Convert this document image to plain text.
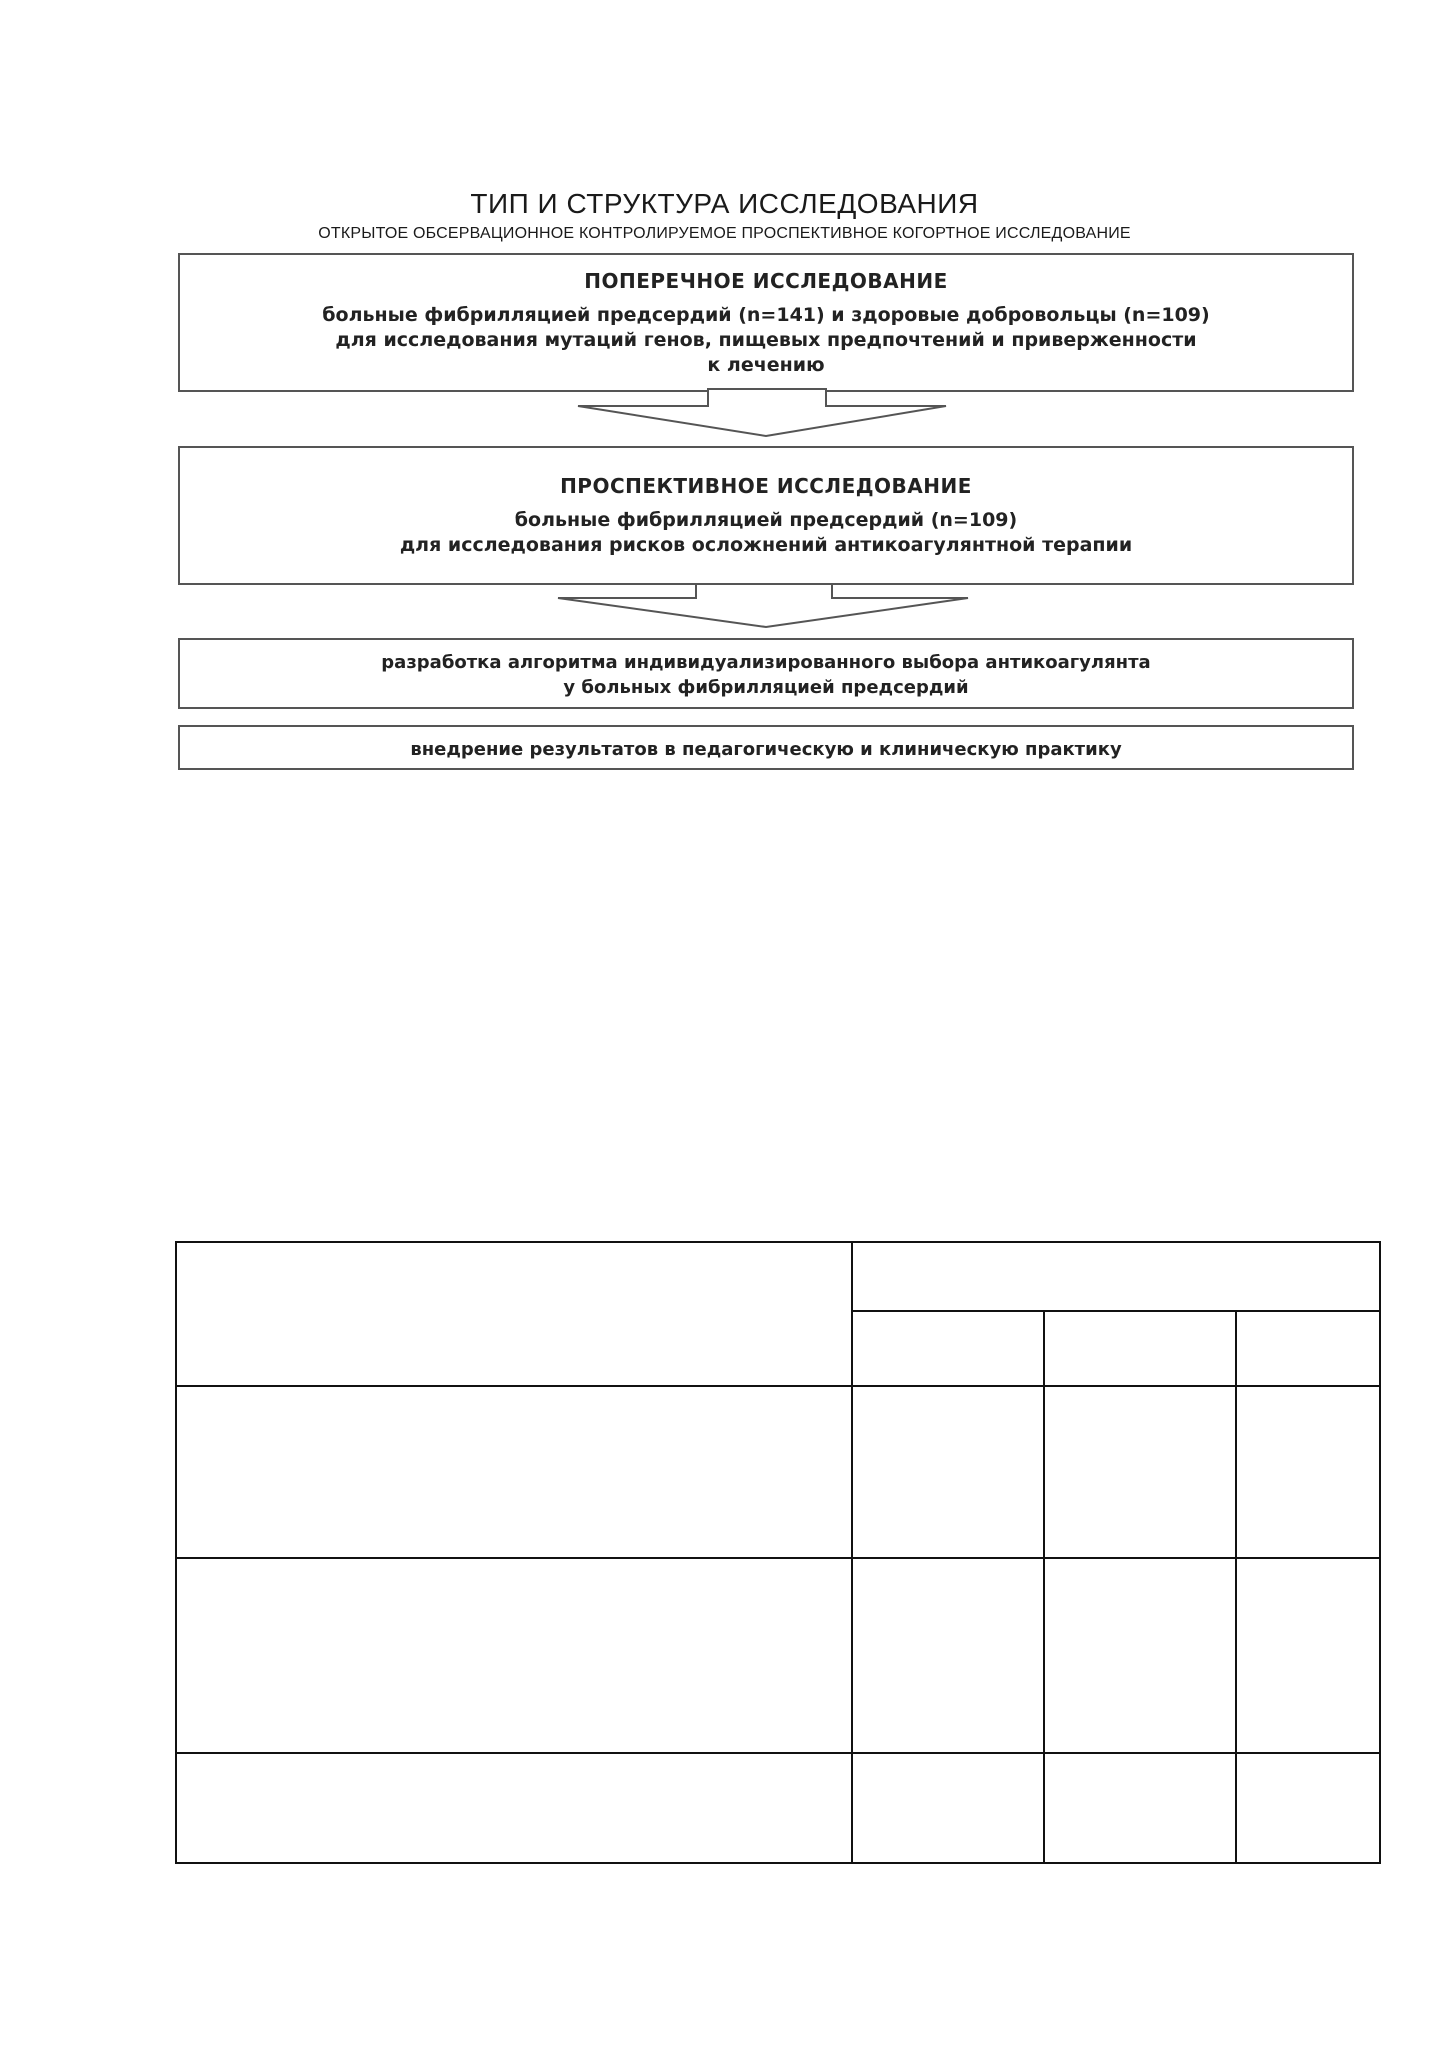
ТИП И СТРУКТУРА ИССЛЕДОВАНИЯ
ОТКРЫТОЕ ОБСЕРВАЦИОННОЕ КОНТРОЛИРУЕМОЕ ПРОСПЕКТИВНОЕ КОГОРТНОЕ ИССЛЕДОВАНИЕ
ПОПЕРЕЧНОЕ ИССЛЕДОВАНИЕ
больные фибрилляцией предсердий (n=141) и здоровые добровольцы (n=109)
для исследования мутаций генов, пищевых предпочтений и приверженности
к лечению
ПРОСПЕКТИВНОЕ ИССЛЕДОВАНИЕ
больные фибрилляцией предсердий (n=109)
для исследования рисков осложнений антикоагулянтной терапии
разработка алгоритма индивидуализированного выбора антикоагулянта
у больных фибрилляцией предсердий
внедрение результатов в педагогическую и клиническую практику
